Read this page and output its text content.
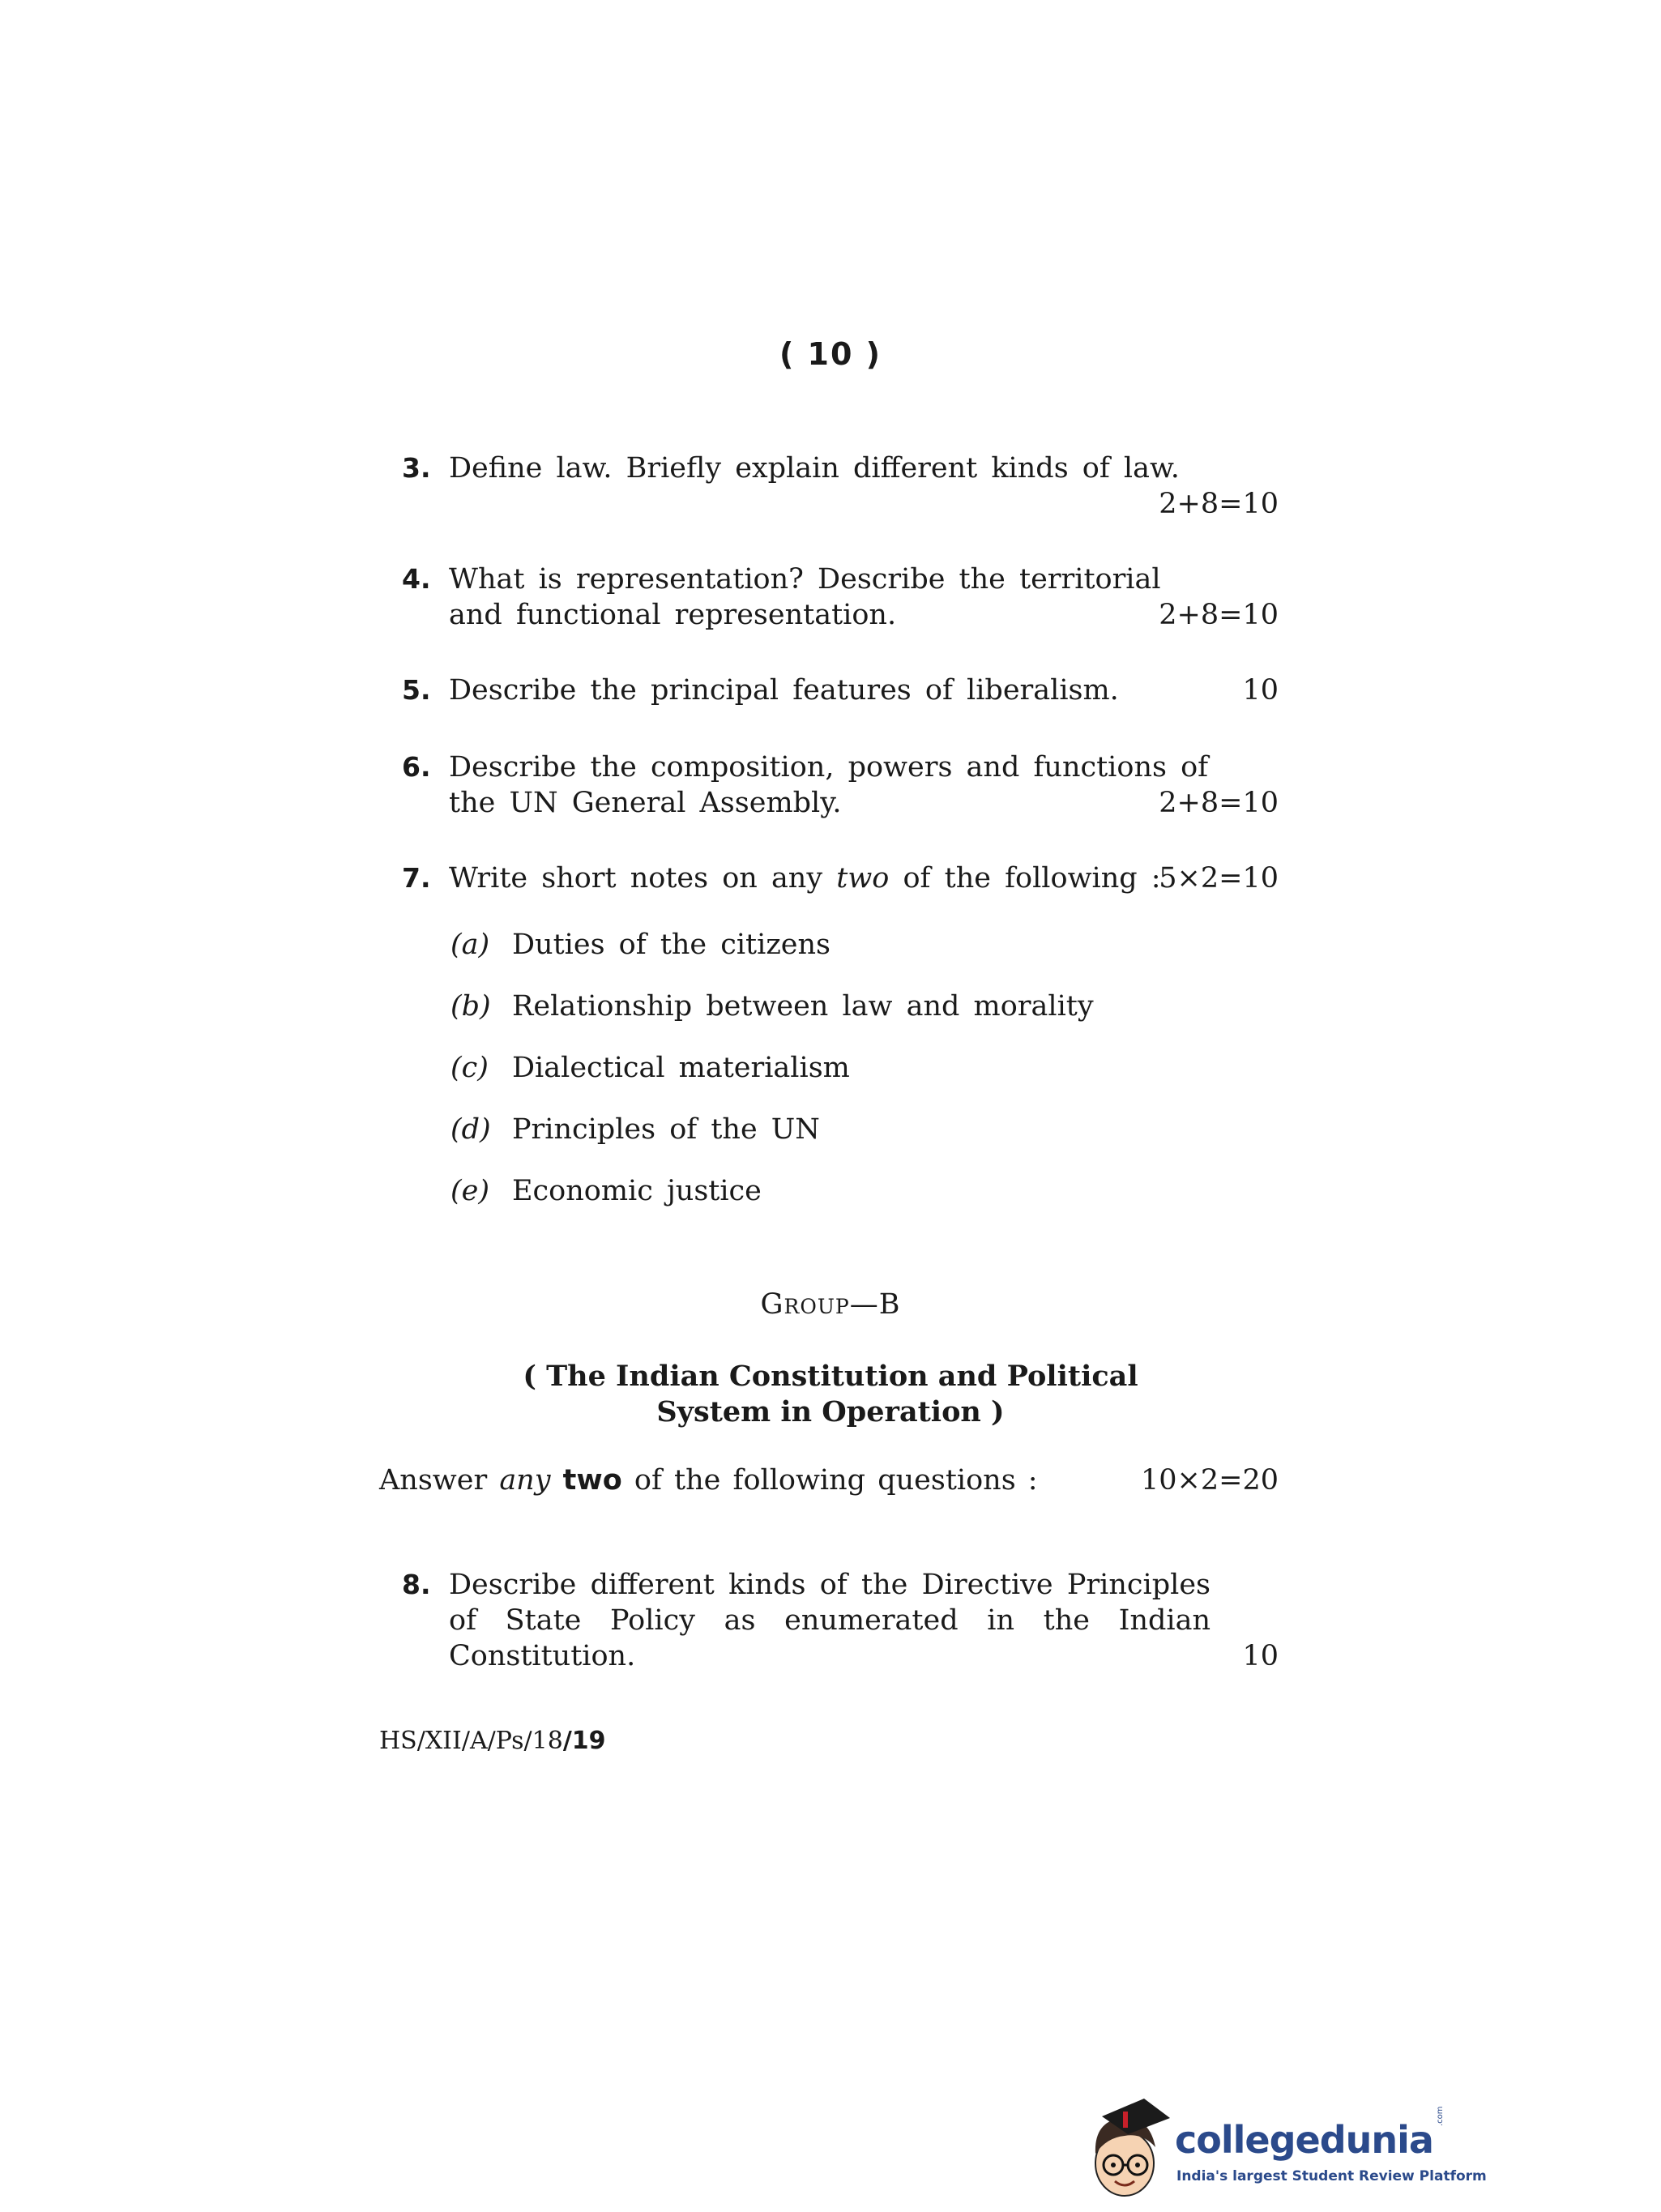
( 10 )
3. Define law. Briefly explain different kinds of law.
2+8=10
4. What is representation? Describe the territorial and functional representation.	2+8=10
5. Describe the principal features of liberalism.	10
6. Describe the composition, powers and functions of the UN General Assembly.	2+8=10
7. Write short notes on any two of the following :
5×2=10
(a) Duties of the citizens
(b) Relationship between law and morality
(c) Dialectical materialism
(d) Principles of the UN
(e) Economic justice
Group—B
( The Indian Constitution and Political
System in Operation )
Answer any two of the following questions :	10×2=20
8. Describe different kinds of the Directive Principles of State Policy as enumerated in the Indian Constitution.	10
HS/XII/A/Ps/18/19
collegedunia
.com
India's largest Student Review Platform
